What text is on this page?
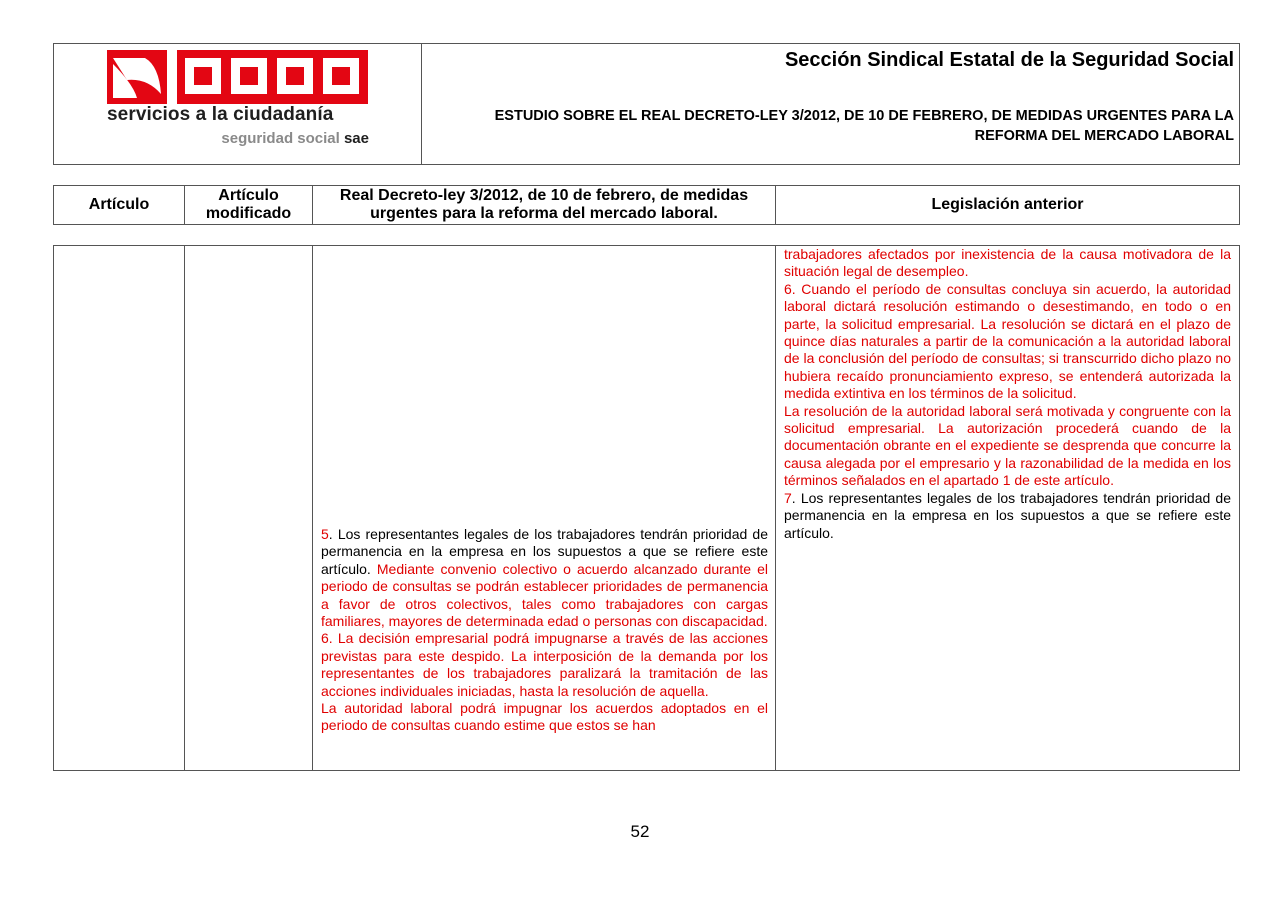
servicios a la ciudadanía
seguridad social sae
Sección Sindical Estatal de la Seguridad Social
ESTUDIO SOBRE EL REAL DECRETO-LEY 3/2012, DE 10 DE FEBRERO, DE MEDIDAS URGENTES PARA LA REFORMA DEL MERCADO LABORAL
Artículo
Artículo modificado
Real Decreto-ley 3/2012, de 10 de febrero, de medidas urgentes para la reforma del mercado laboral.
Legislación anterior

5. Los representantes legales de los trabajadores tendrán prioridad de permanencia en la empresa en los supuestos a que se refiere este artículo. Mediante convenio colectivo o acuerdo alcanzado durante el periodo de consultas se podrán establecer prioridades de permanencia a favor de otros colectivos, tales como trabajadores con cargas familiares, mayores de determinada edad o personas con discapacidad.

6. La decisión empresarial podrá impugnarse a través de las acciones previstas para este despido. La interposición de la demanda por los representantes de los trabajadores paralizará la tramitación de las acciones individuales iniciadas, hasta la resolución de aquella.

La autoridad laboral podrá impugnar los acuerdos adoptados en el periodo de consultas cuando estime que estos se han

trabajadores afectados por inexistencia de la causa motivadora de la situación legal de desempleo.

6. Cuando el período de consultas concluya sin acuerdo, la autoridad laboral dictará resolución estimando o desestimando, en todo o en parte, la solicitud empresarial. La resolución se dictará en el plazo de quince días naturales a partir de la comunicación a la autoridad laboral de la conclusión del período de consultas; si transcurrido dicho plazo no hubiera recaído pronunciamiento expreso, se entenderá autorizada la medida extintiva en los términos de la solicitud.

La resolución de la autoridad laboral será motivada y congruente con la solicitud empresarial. La autorización procederá cuando de la documentación obrante en el expediente se desprenda que concurre la causa alegada por el empresario y la razonabilidad de la medida en los términos señalados en el apartado 1 de este artículo.

7. Los representantes legales de los trabajadores tendrán prioridad de permanencia en la empresa en los supuestos a que se refiere este artículo.

52
